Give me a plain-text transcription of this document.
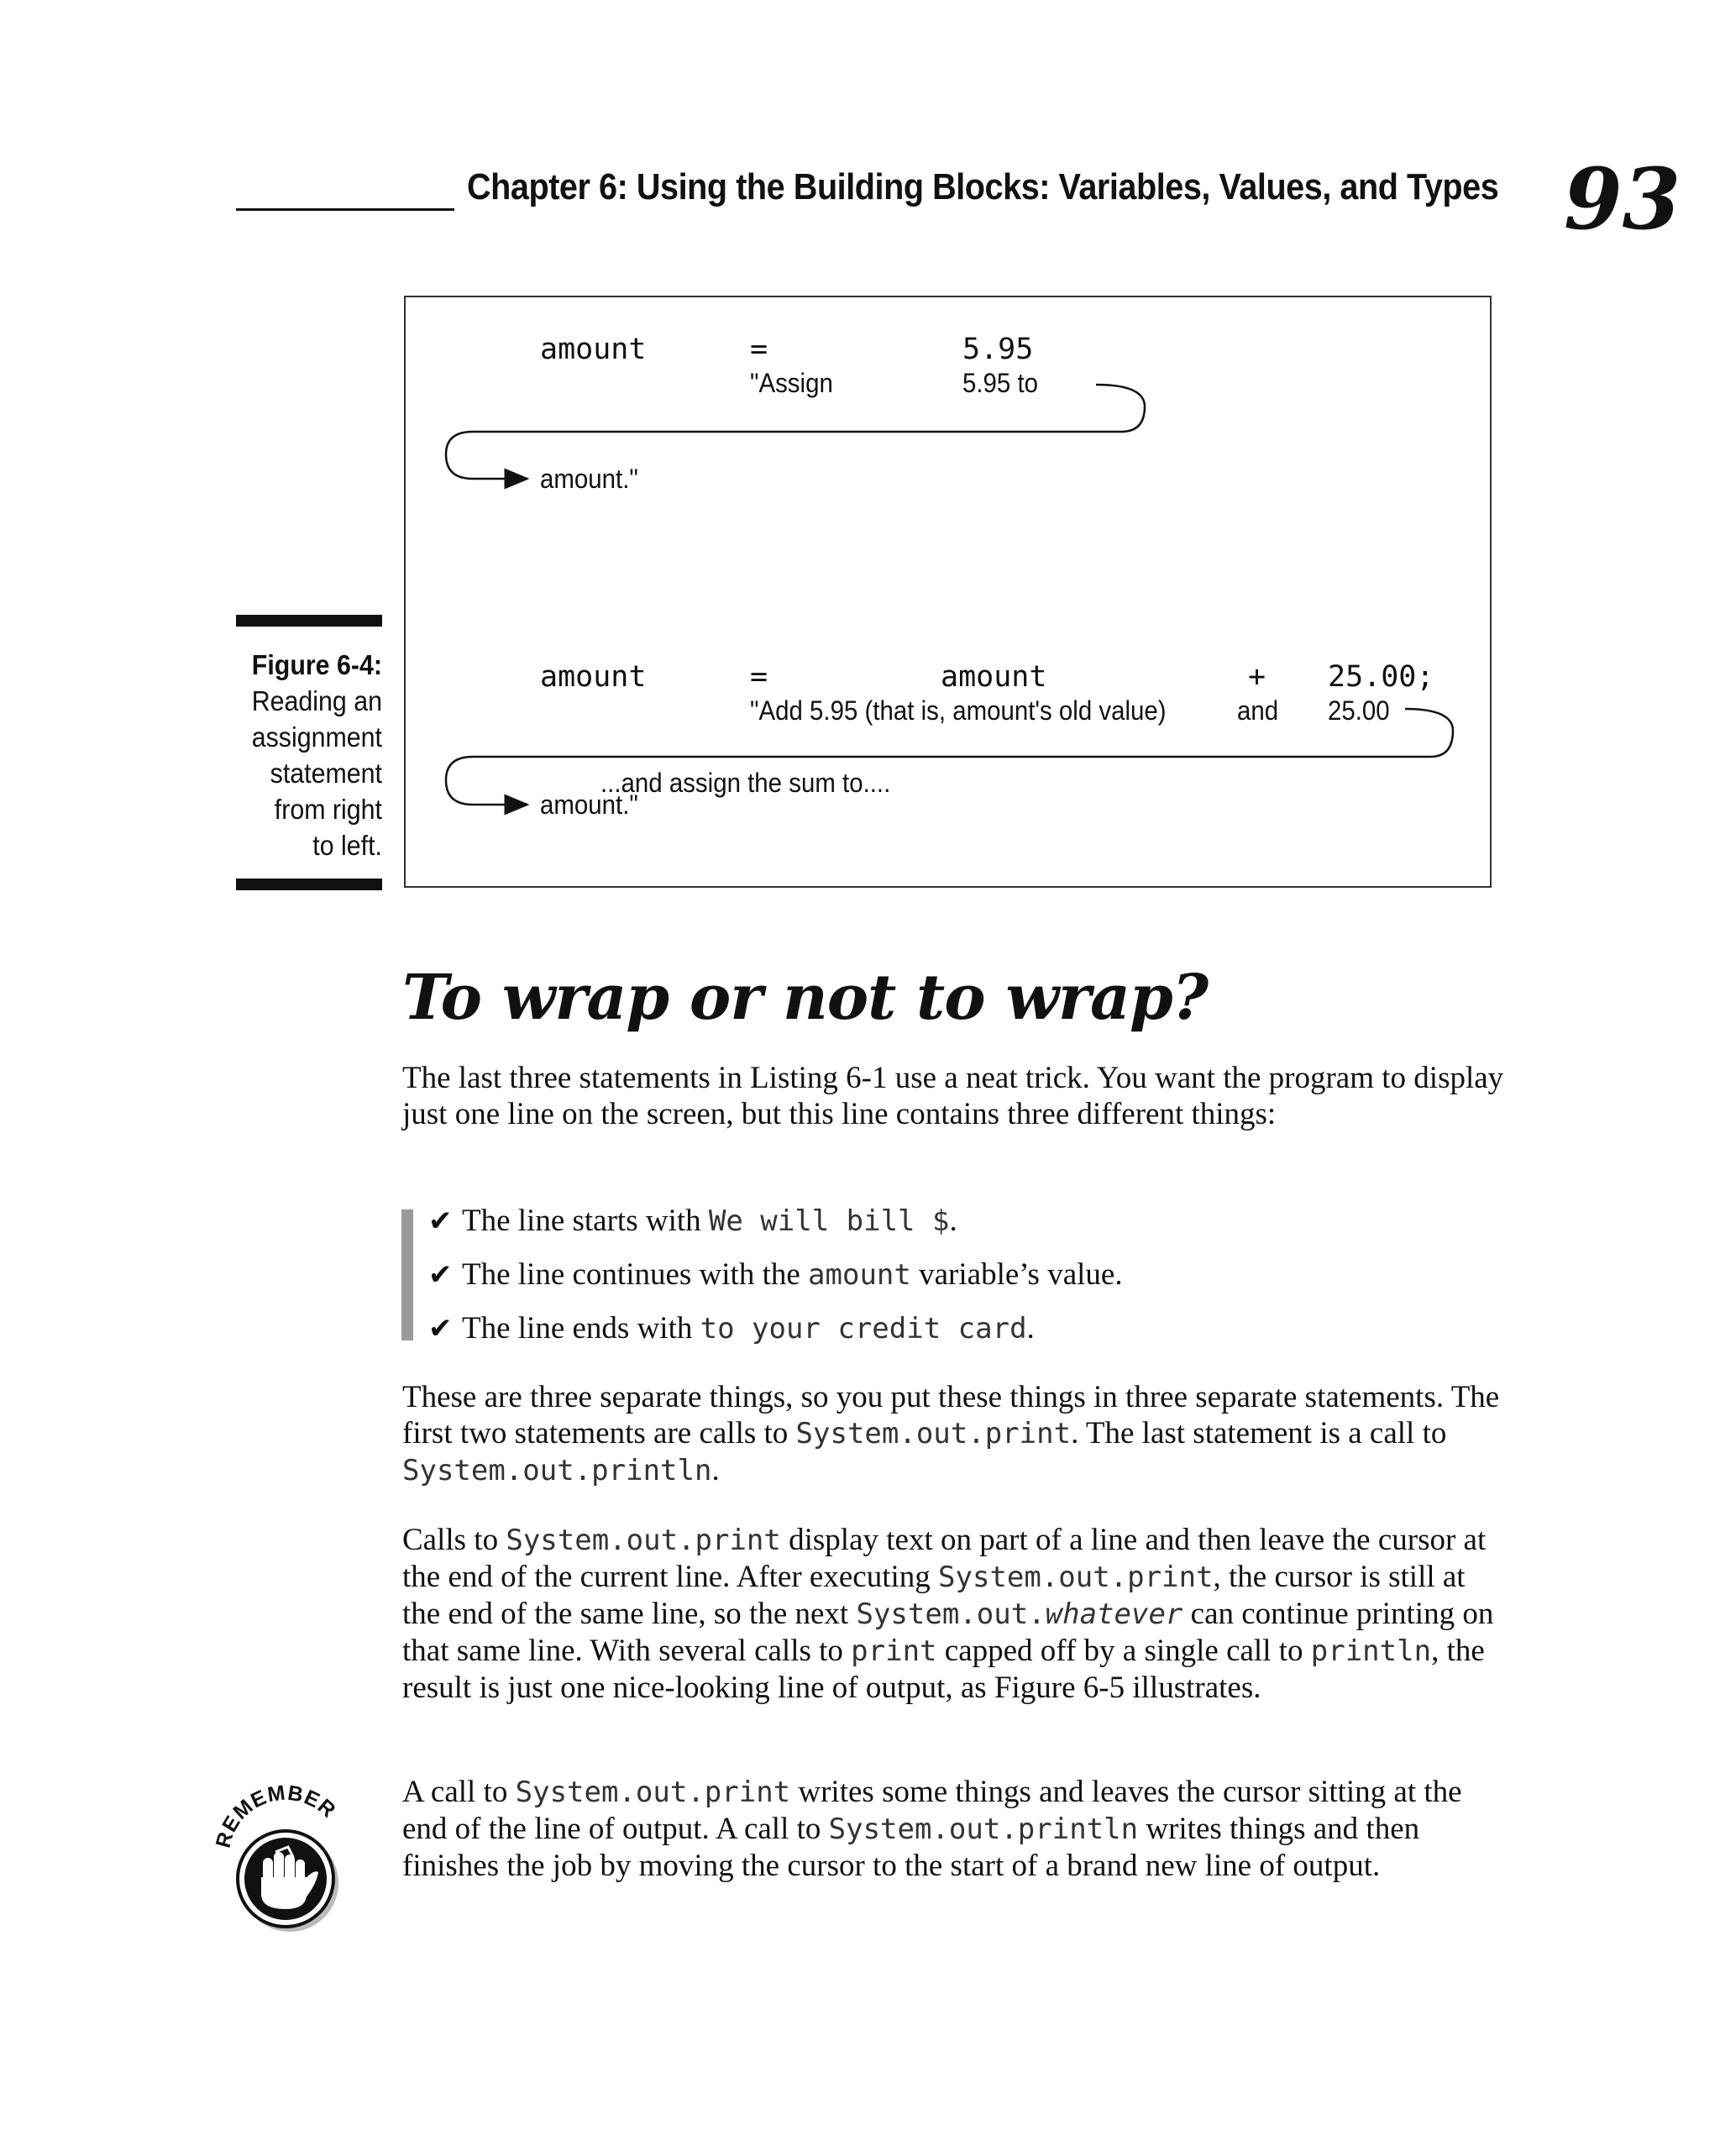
Chapter 6: Using the Building Blocks: Variables, Values, and Types 93
amount	=	5.95
"Assign	5.95 to
amount."
amount	=	amount	+ 25.00;
"Add 5.95 (that is, amount's old value)	and 25.00
...and assign the sum to....
amount."
Figure 6-4:
Reading an
assignment
statement
from right
to left.
To wrap or not to wrap?
The last three statements in Listing 6-1 use a neat trick. You want the program to display just one line on the screen, but this line contains three different things:
✔ The line starts with We will bill $.
✔ The line continues with the amount variable’s value.
✔ The line ends with to your credit card.
These are three separate things, so you put these things in three separate statements. The first two statements are calls to System.out.print. The last statement is a call to System.out.println.
Calls to System.out.print display text on part of a line and then leave the cursor at the end of the current line. After executing System.out.print, the cursor is still at the end of the same line, so the next System.out.whatever can continue printing on that same line. With several calls to print capped off by a single call to println, the result is just one nice-looking line of output, as Figure 6-5 illustrates.
REMEMBER A call to System.out.print writes some things and leaves the cursor sitting at the end of the line of output. A call to System.out.println writes things and then finishes the job by moving the cursor to the start of a brand new line of output.
